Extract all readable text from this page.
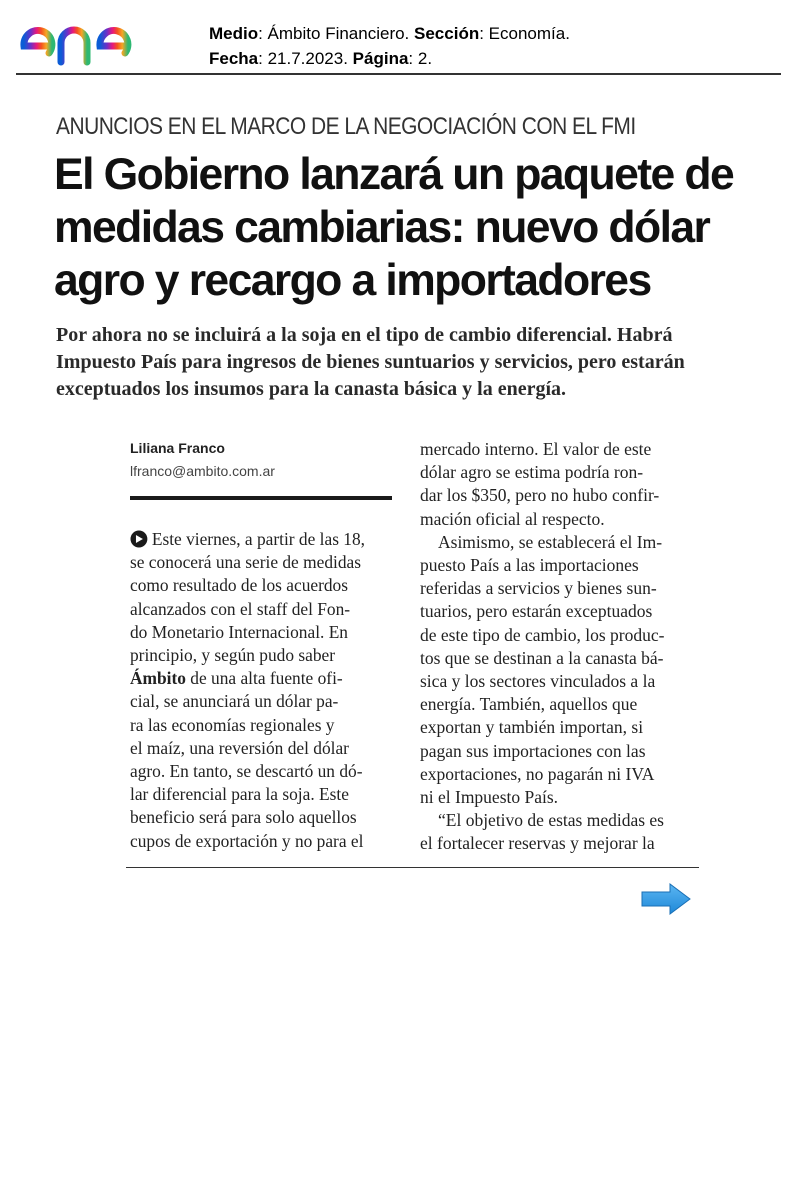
Medio: Ámbito Financiero. Sección: Economía.
Fecha: 21.7.2023. Página: 2.
ANUNCIOS EN EL MARCO DE LA NEGOCIACIÓN CON EL FMI
El Gobierno lanzará un paquete de
medidas cambiarias: nuevo dólar
agro y recargo a importadores
Por ahora no se incluirá a la soja en el tipo de cambio diferencial. Habrá
Impuesto País para ingresos de bienes suntuarios y servicios, pero estarán
exceptuados los insumos para la canasta básica y la energía.
Liliana Franco
lfranco@ambito.com.ar
Este viernes, a partir de las 18,
se conocerá una serie de medidas
como resultado de los acuerdos
alcanzados con el staff del Fon-
do Monetario Internacional. En
principio, y según pudo saber
Ámbito de una alta fuente ofi-
cial, se anunciará un dólar pa-
ra las economías regionales y
el maíz, una reversión del dólar
agro. En tanto, se descartó un dó-
lar diferencial para la soja. Este
beneficio será para solo aquellos
cupos de exportación y no para el
mercado interno. El valor de este
dólar agro se estima podría ron-
dar los $350, pero no hubo confir-
mación oficial al respecto.
Asimismo, se establecerá el Im-
puesto País a las importaciones
referidas a servicios y bienes sun-
tuarios, pero estarán exceptuados
de este tipo de cambio, los produc-
tos que se destinan a la canasta bá-
sica y los sectores vinculados a la
energía. También, aquellos que
exportan y también importan, si
pagan sus importaciones con las
exportaciones, no pagarán ni IVA
ni el Impuesto País.
“El objetivo de estas medidas es
el fortalecer reservas y mejorar la
